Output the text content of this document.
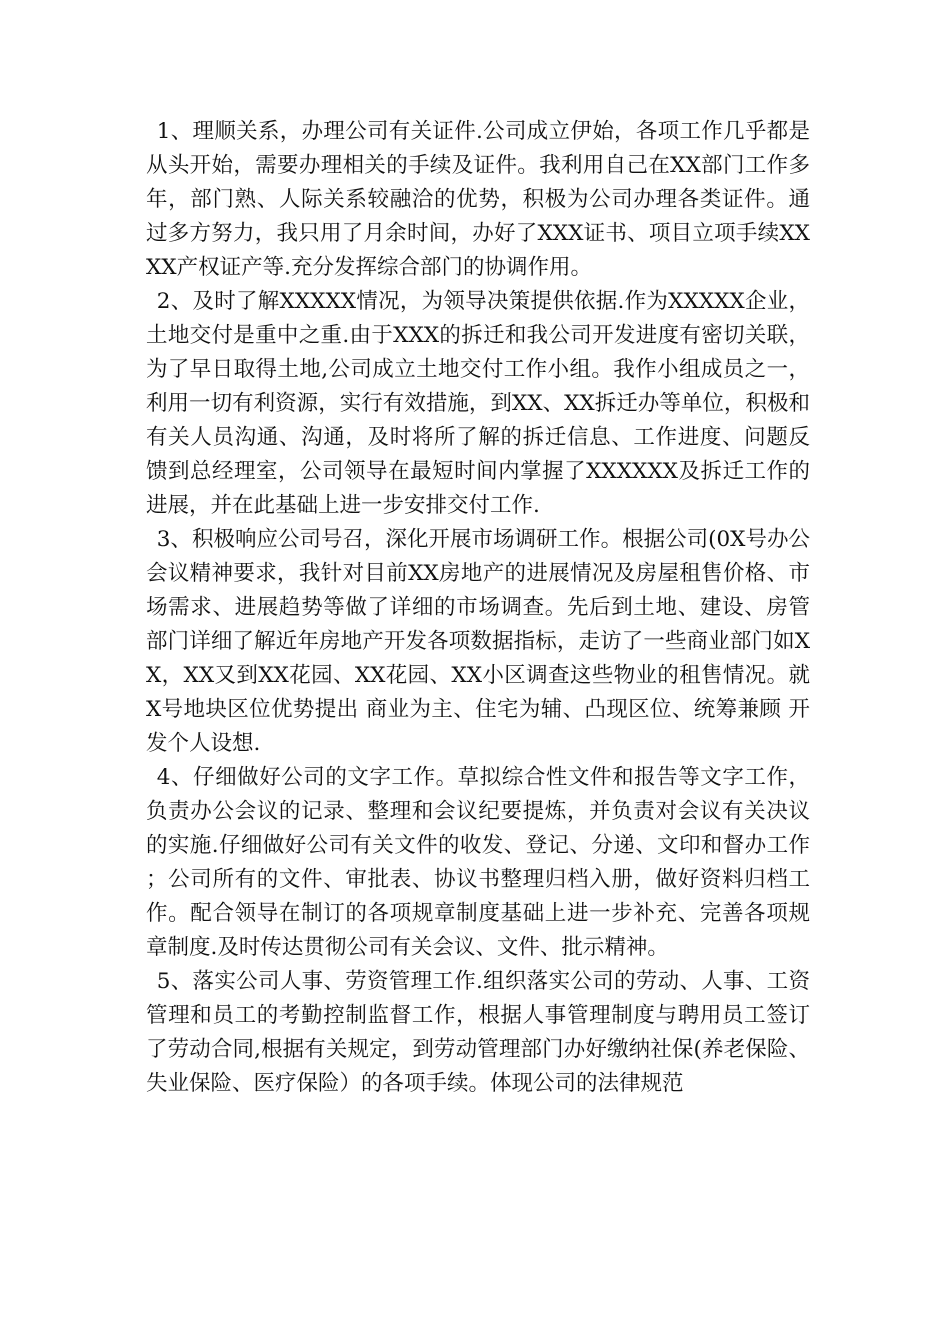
1、理顺关系，办理公司有关证件.公司成立伊始，各项工作几乎都是从头开始，需要办理相关的手续及证件。我利用自己在XX部门工作多年，部门熟、人际关系较融洽的优势，积极为公司办理各类证件。通过多方努力，我只用了月余时间，办好了XXX证书、项目立项手续XXXX产权证产等.充分发挥综合部门的协调作用。

2、及时了解XXXXX情况，为领导决策提供依据.作为XXXXX企业，土地交付是重中之重.由于XXX的拆迁和我公司开发进度有密切关联，为了早日取得土地,公司成立土地交付工作小组。我作小组成员之一，利用一切有利资源，实行有效措施，到XX、XX拆迁办等单位，积极和有关人员沟通、沟通，及时将所了解的拆迁信息、工作进度、问题反馈到总经理室，公司领导在最短时间内掌握了XXXXXX及拆迁工作的进展，并在此基础上进一步安排交付工作.

3、积极响应公司号召，深化开展市场调研工作。根据公司(0X号办公会议精神要求，我针对目前XX房地产的进展情况及房屋租售价格、市场需求、进展趋势等做了详细的市场调查。先后到土地、建设、房管部门详细了解近年房地产开发各项数据指标，走访了一些商业部门如XX，XX又到XX花园、XX花园、XX小区调查这些物业的租售情况。就X号地块区位优势提出 商业为主、住宅为辅、凸现区位、统筹兼顾 开发个人设想.

4、仔细做好公司的文字工作。草拟综合性文件和报告等文字工作，负责办公会议的记录、整理和会议纪要提炼，并负责对会议有关决议的实施.仔细做好公司有关文件的收发、登记、分递、文印和督办工作；公司所有的文件、审批表、协议书整理归档入册，做好资料归档工作。配合领导在制订的各项规章制度基础上进一步补充、完善各项规章制度.及时传达贯彻公司有关会议、文件、批示精神。

5、落实公司人事、劳资管理工作.组织落实公司的劳动、人事、工资管理和员工的考勤控制监督工作，根据人事管理制度与聘用员工签订了劳动合同,根据有关规定，到劳动管理部门办好缴纳社保(养老保险、失业保险、医疗保险）的各项手续。体现公司的法律规范
